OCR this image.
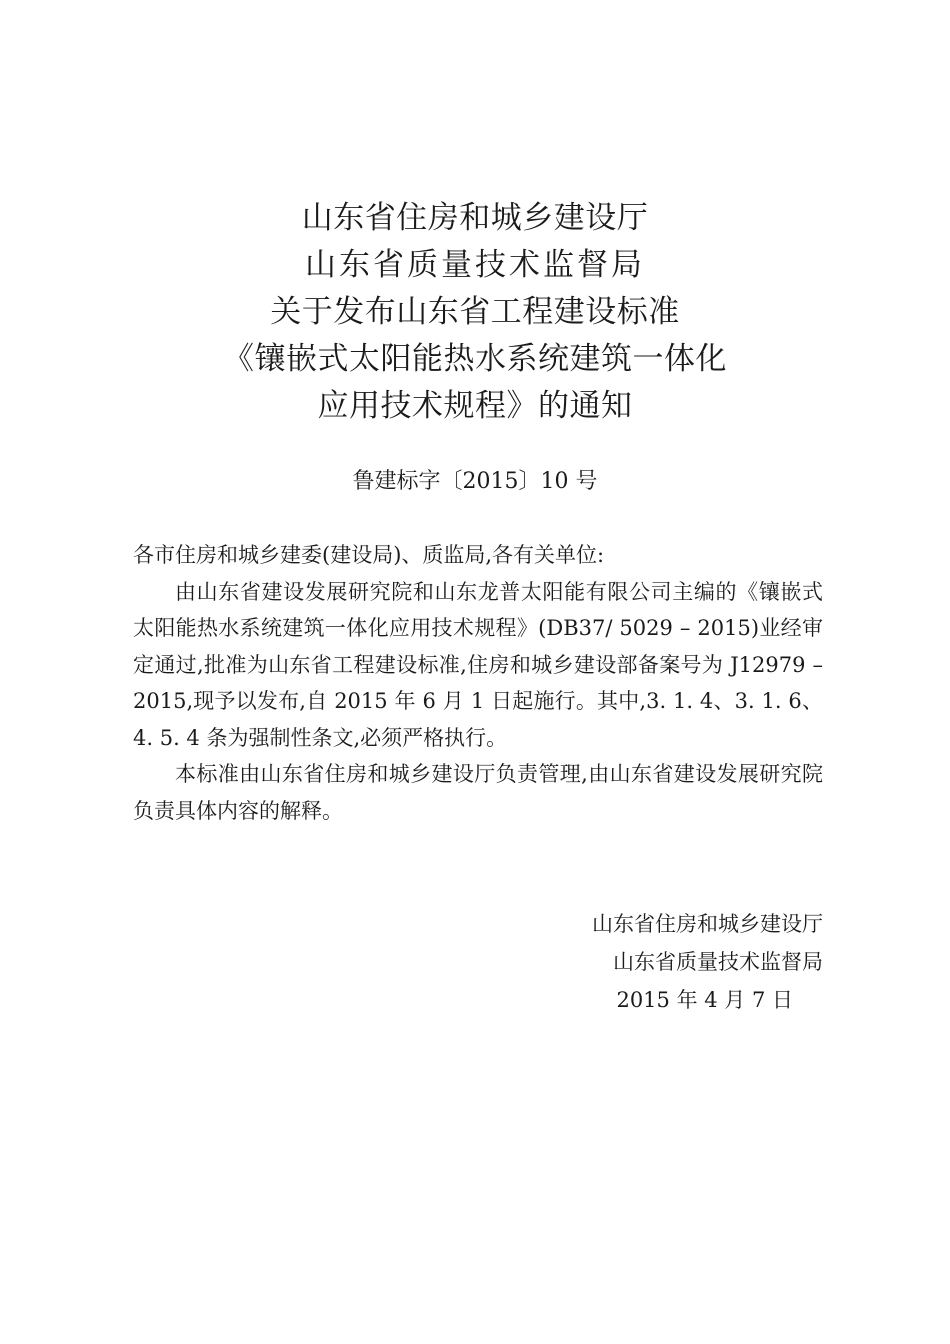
山东省住房和城乡建设厅
山东省质量技术监督局
关于发布山东省工程建设标准
《镶嵌式太阳能热水系统建筑一体化
应用技术规程》的通知
鲁建标字〔2015〕10 号

各市住房和城乡建委(建设局)、质监局,各有关单位:

由山东省建设发展研究院和山东龙普太阳能有限公司主编的《镶嵌式太阳能热水系统建筑一体化应用技术规程》(DB37/ 5029 – 2015)业经审定通过,批准为山东省工程建设标准,住房和城乡建设部备案号为 J12979 – 2015,现予以发布,自 2015 年 6 月 1 日起施行。其中,3. 1. 4、3. 1. 6、4. 5. 4 条为强制性条文,必须严格执行。

本标准由山东省住房和城乡建设厅负责管理,由山东省建设发展研究院负责具体内容的解释。

山东省住房和城乡建设厅
山东省质量技术监督局
2015 年 4 月 7 日
